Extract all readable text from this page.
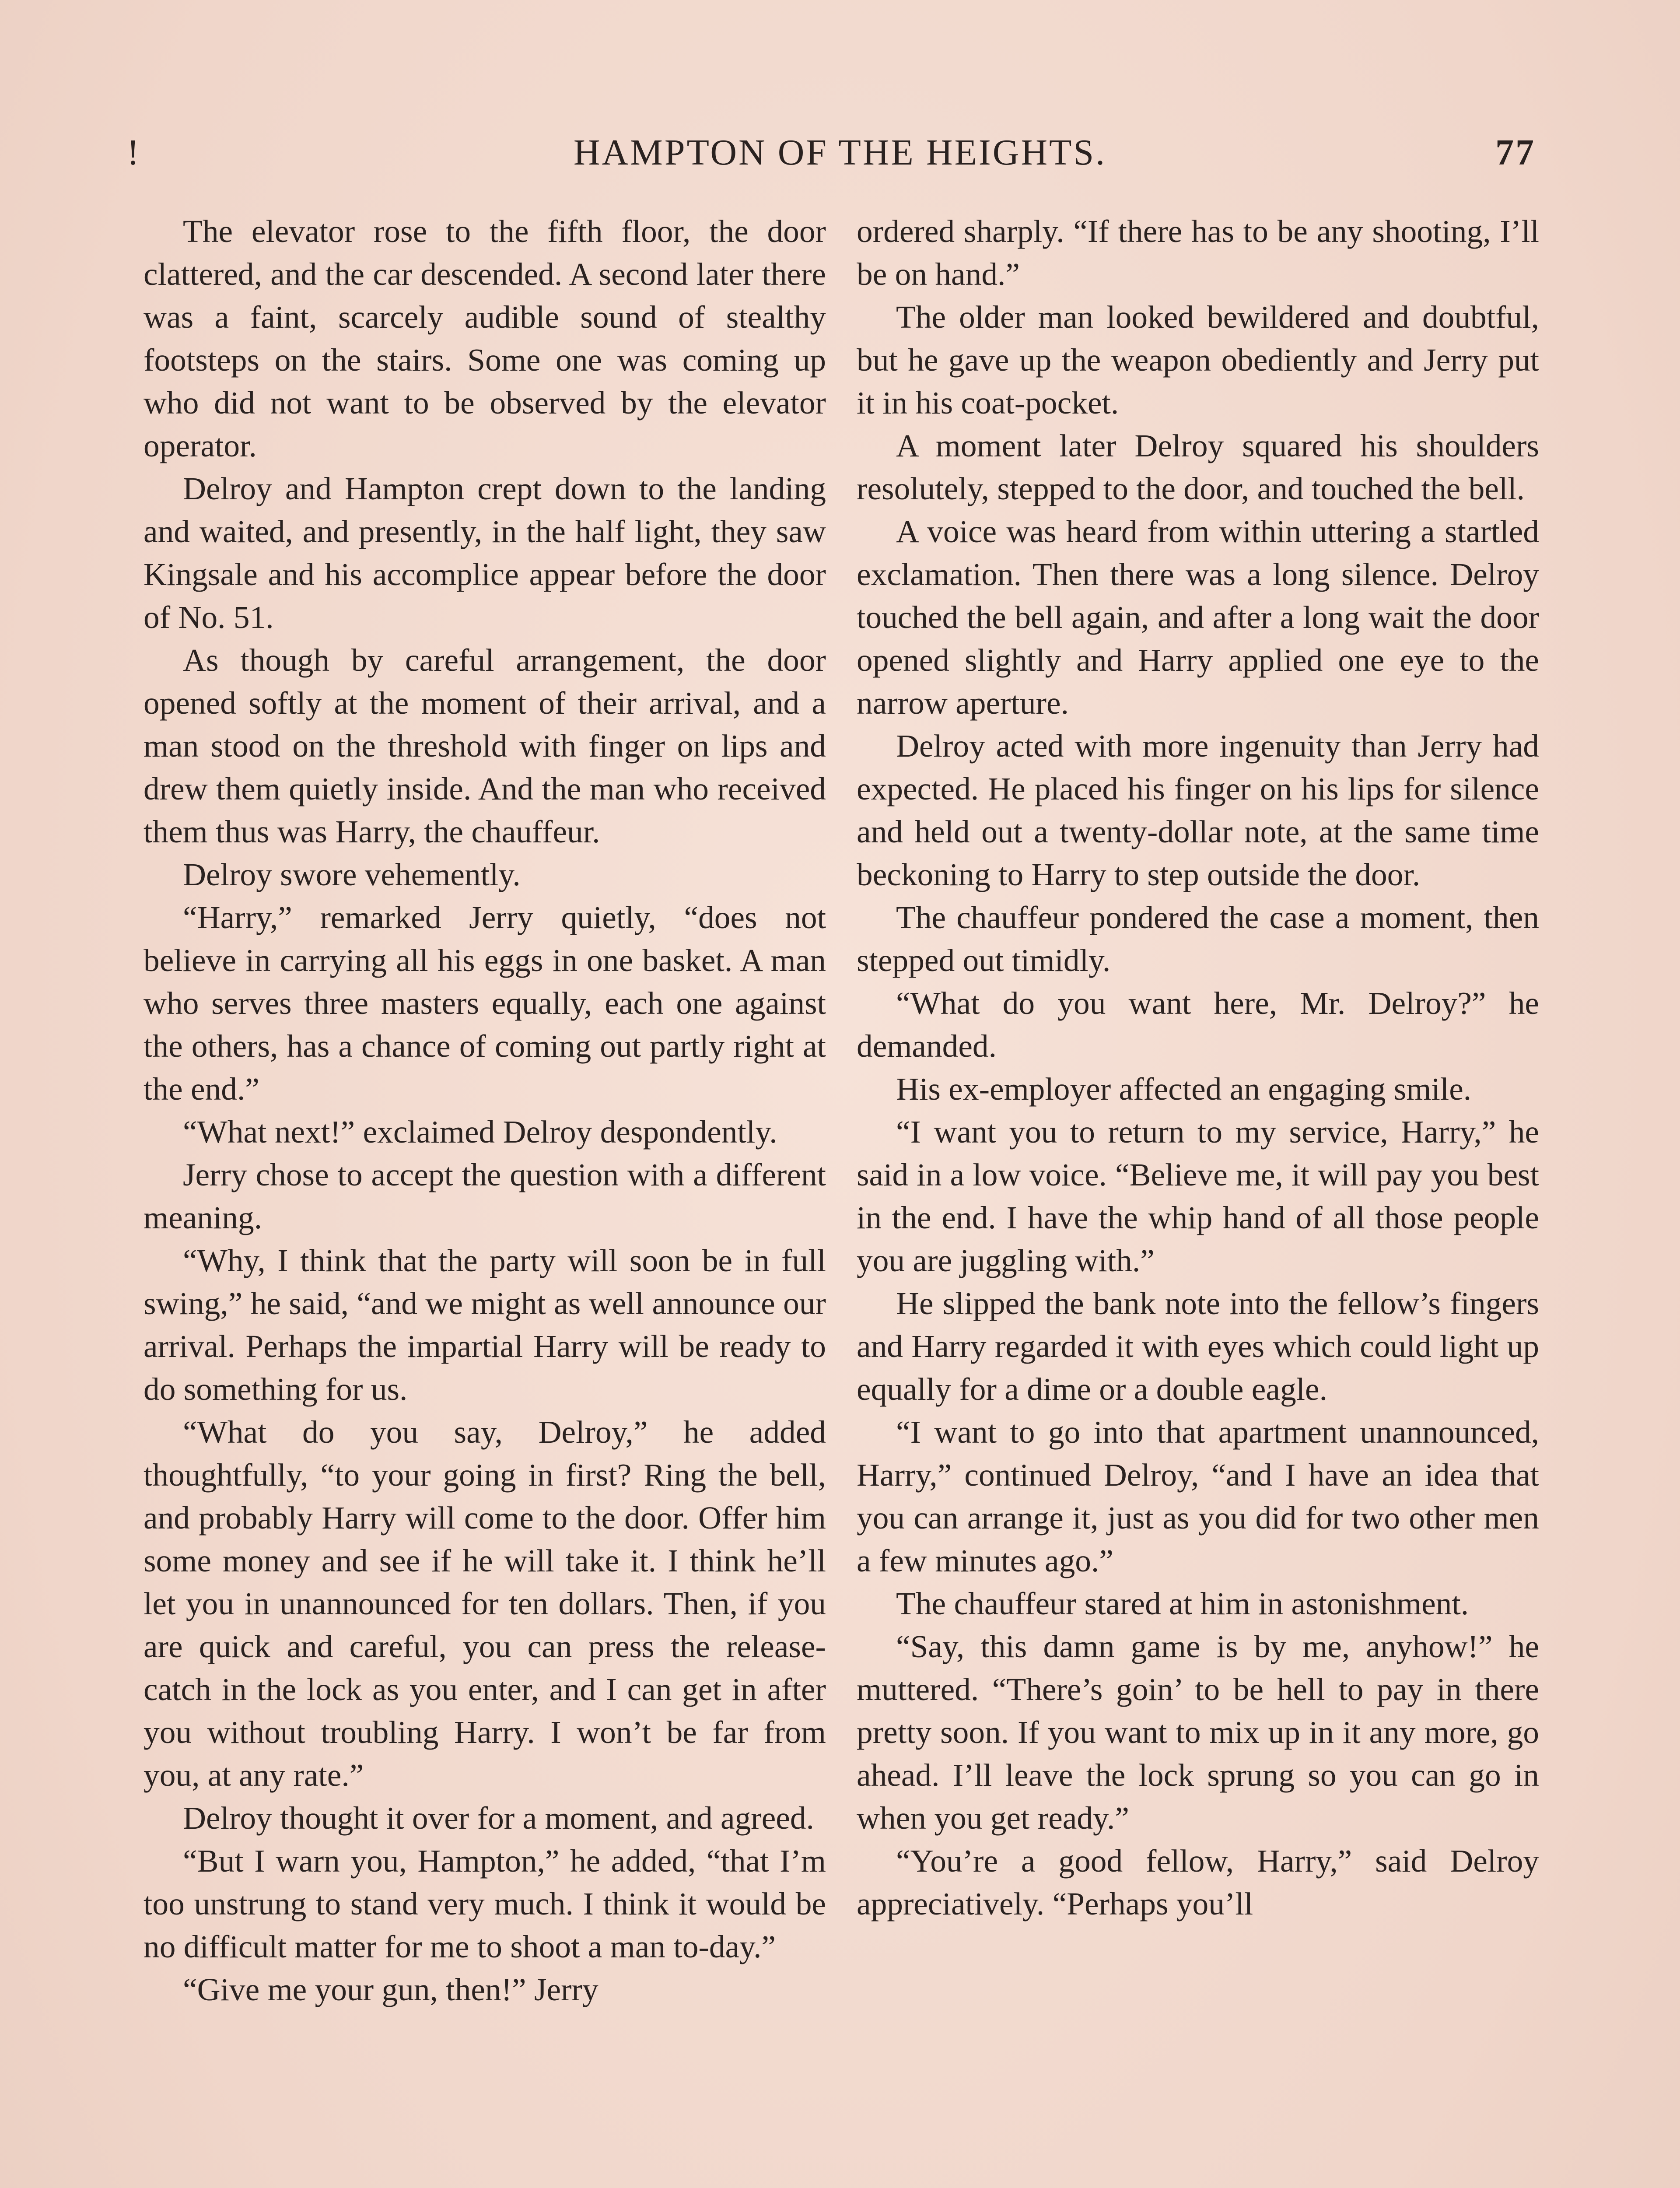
!	HAMPTON OF THE HEIGHTS.	77

The elevator rose to the fifth floor, the door clattered, and the car descended. A second later there was a faint, scarcely audible sound of stealthy footsteps on the stairs. Some one was coming up who did not want to be observed by the elevator operator.

Delroy and Hampton crept down to the landing and waited, and presently, in the half light, they saw Kingsale and his accomplice appear before the door of No. 51.

As though by careful arrangement, the door opened softly at the moment of their arrival, and a man stood on the threshold with finger on lips and drew them quietly inside. And the man who received them thus was Harry, the chauffeur.

Delroy swore vehemently.

“Harry,” remarked Jerry quietly, “does not believe in carrying all his eggs in one basket. A man who serves three masters equally, each one against the others, has a chance of coming out partly right at the end.”

“What next!” exclaimed Delroy despondently.

Jerry chose to accept the question with a different meaning.

“Why, I think that the party will soon be in full swing,” he said, “and we might as well announce our arrival. Perhaps the impartial Harry will be ready to do something for us.

“What do you say, Delroy,” he added thoughtfully, “to your going in first? Ring the bell, and probably Harry will come to the door. Offer him some money and see if he will take it. I think he’ll let you in unannounced for ten dollars. Then, if you are quick and careful, you can press the release-catch in the lock as you enter, and I can get in after you without troubling Harry. I won’t be far from you, at any rate.”

Delroy thought it over for a moment, and agreed.

“But I warn you, Hampton,” he added, “that I’m too unstrung to stand very much. I think it would be no difficult matter for me to shoot a man to-day.”

“Give me your gun, then!” Jerry

ordered sharply. “If there has to be any shooting, I’ll be on hand.”

The older man looked bewildered and doubtful, but he gave up the weapon obediently and Jerry put it in his coat-pocket.

A moment later Delroy squared his shoulders resolutely, stepped to the door, and touched the bell.

A voice was heard from within uttering a startled exclamation. Then there was a long silence. Delroy touched the bell again, and after a long wait the door opened slightly and Harry applied one eye to the narrow aperture.

Delroy acted with more ingenuity than Jerry had expected. He placed his finger on his lips for silence and held out a twenty-dollar note, at the same time beckoning to Harry to step outside the door.

The chauffeur pondered the case a moment, then stepped out timidly.

“What do you want here, Mr. Delroy?” he demanded.

His ex-employer affected an engaging smile.

“I want you to return to my service, Harry,” he said in a low voice. “Believe me, it will pay you best in the end. I have the whip hand of all those people you are juggling with.”

He slipped the bank note into the fellow’s fingers and Harry regarded it with eyes which could light up equally for a dime or a double eagle.

“I want to go into that apartment unannounced, Harry,” continued Delroy, “and I have an idea that you can arrange it, just as you did for two other men a few minutes ago.”

The chauffeur stared at him in astonishment.

“Say, this damn game is by me, anyhow!” he muttered. “There’s goin’ to be hell to pay in there pretty soon. If you want to mix up in it any more, go ahead. I’ll leave the lock sprung so you can go in when you get ready.”

“You’re a good fellow, Harry,” said Delroy appreciatively. “Perhaps you’ll
